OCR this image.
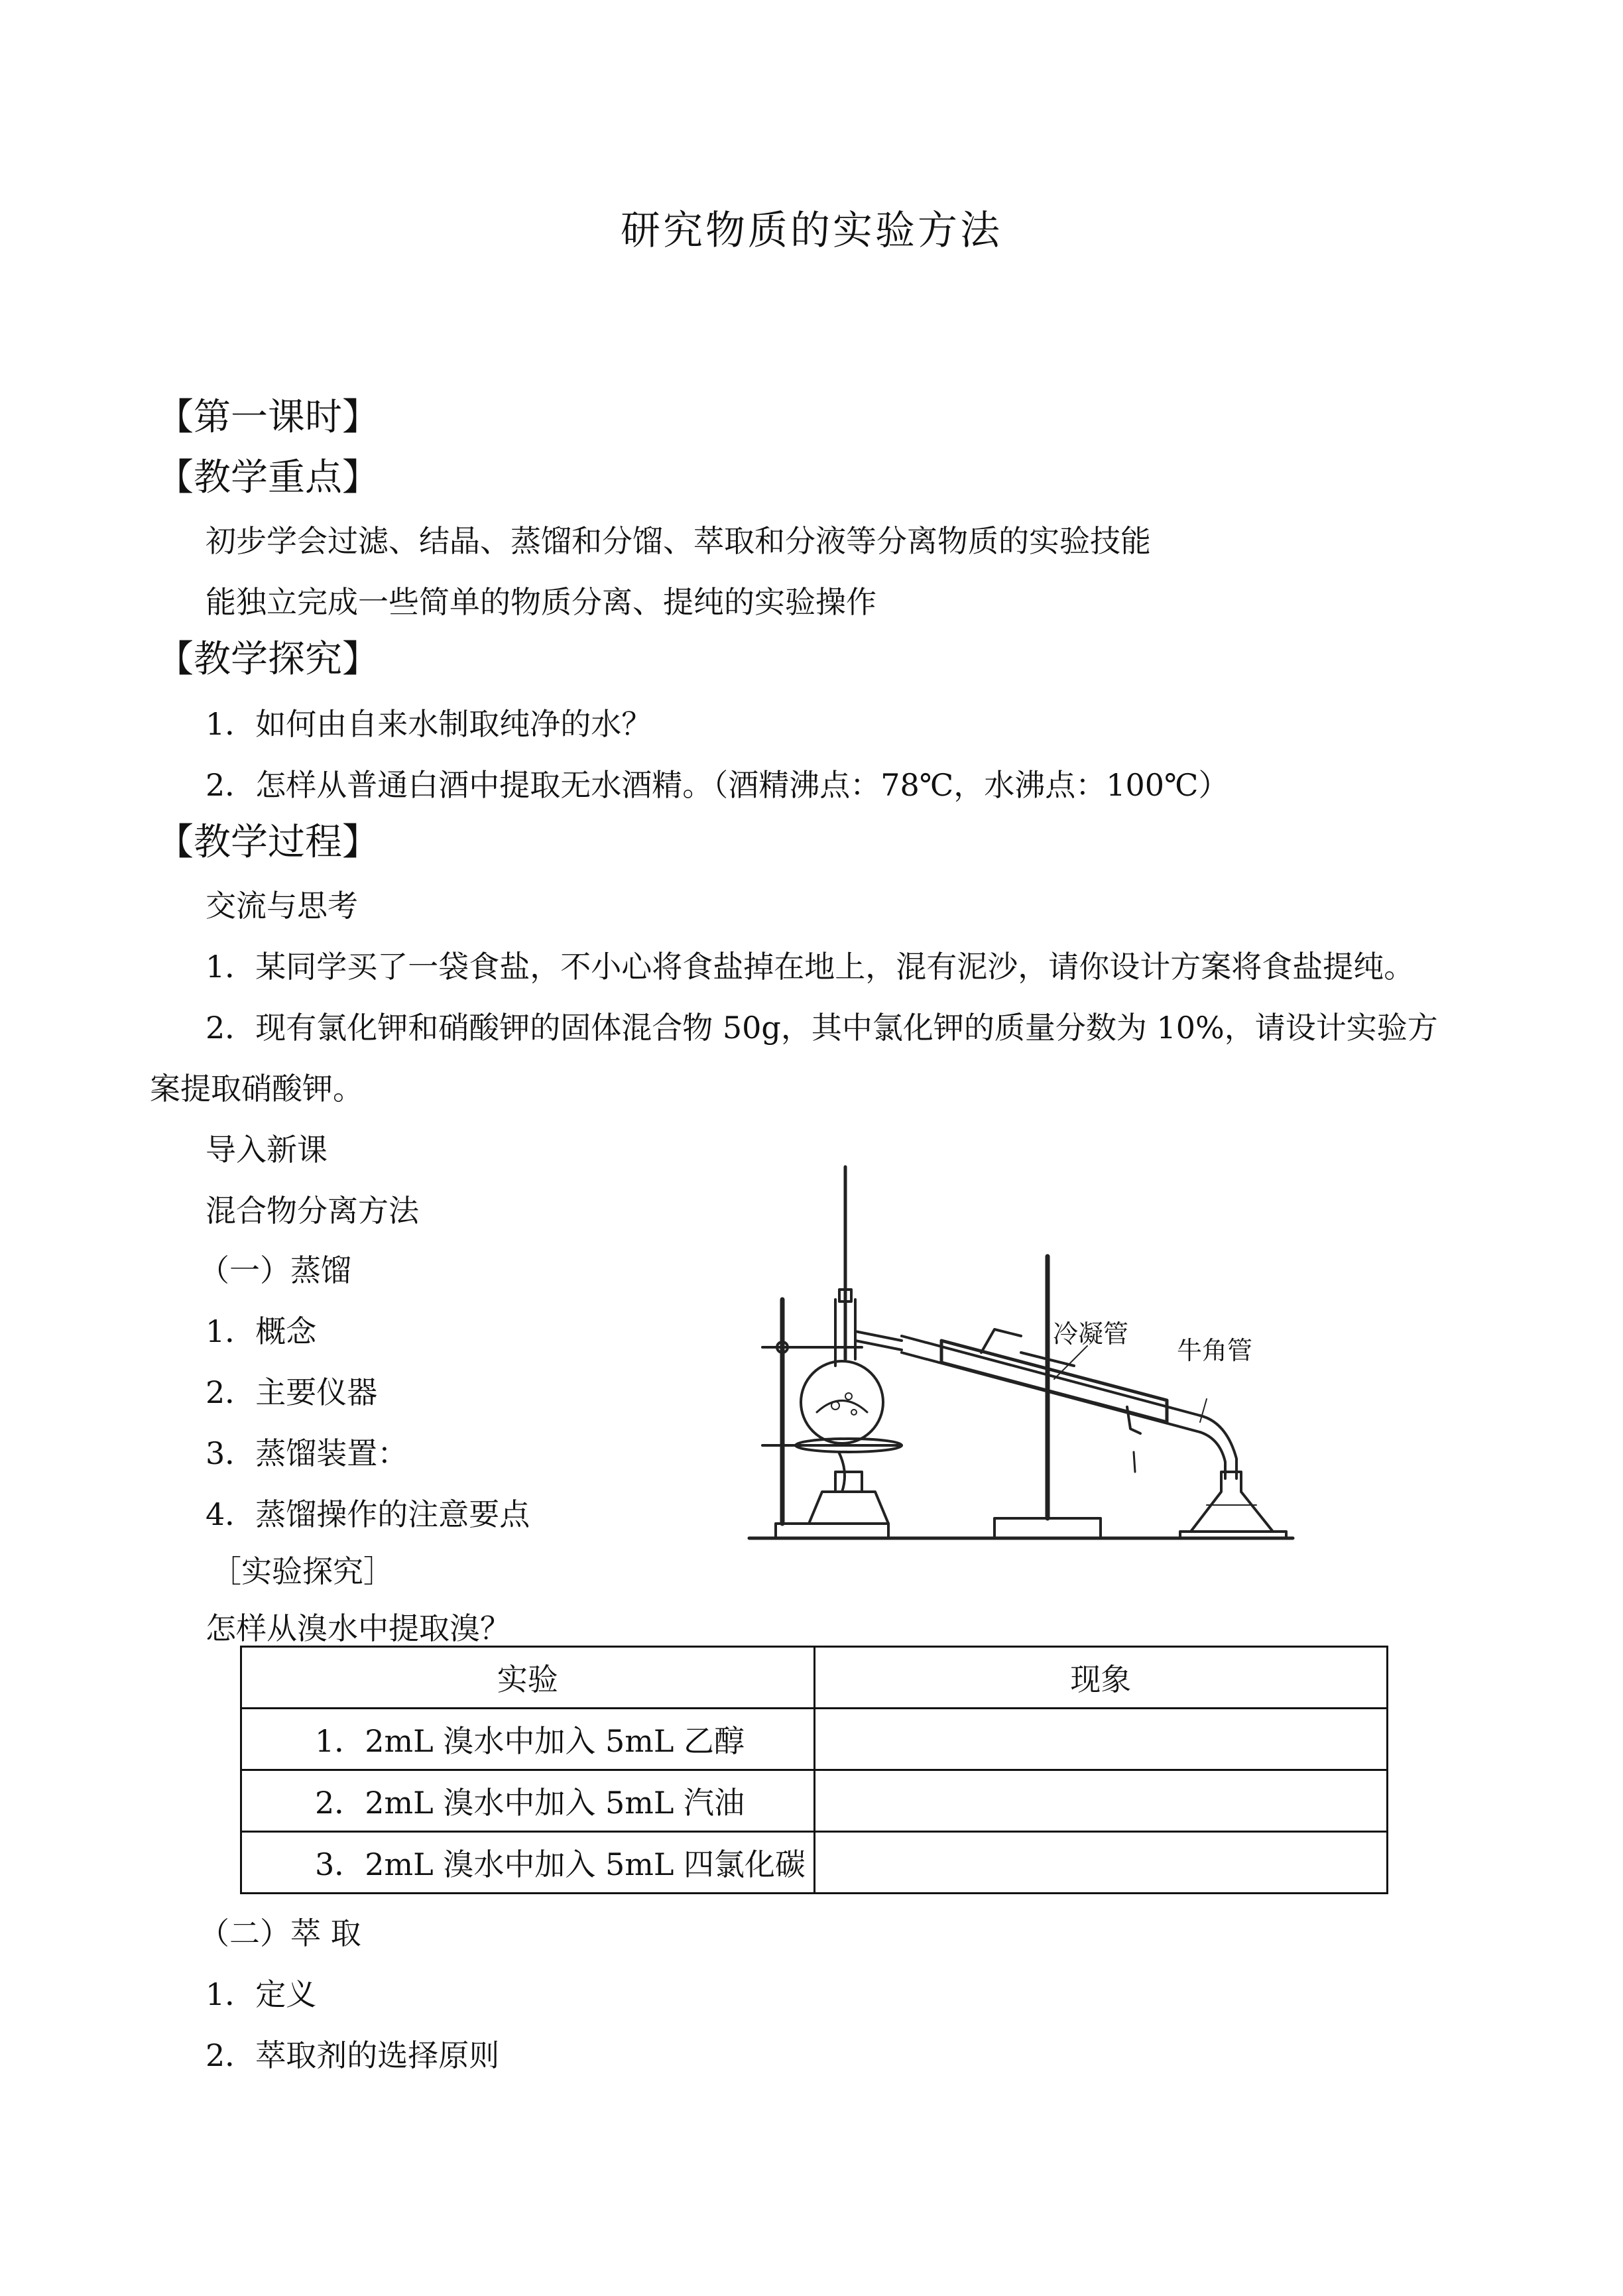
研究物质的实验方法
【第一课时】
【教学重点】
初步学会过滤、结晶、蒸馏和分馏、萃取和分液等分离物质的实验技能
能独立完成一些简单的物质分离、提纯的实验操作
【教学探究】
1．如何由自来水制取纯净的水？
2．怎样从普通白酒中提取无水酒精。（酒精沸点：78℃，水沸点：100℃）
【教学过程】
交流与思考
1．某同学买了一袋食盐，不小心将食盐掉在地上，混有泥沙，请你设计方案将食盐提纯。
2．现有氯化钾和硝酸钾的固体混合物 50g，其中氯化钾的质量分数为 10%，请设计实验方
案提取硝酸钾。
导入新课
混合物分离方法
（一）蒸馏
1．概念
2．主要仪器
3．蒸馏装置：
4．蒸馏操作的注意要点
［实验探究］
怎样从溴水中提取溴？
冷凝管
牛角管
实验	现象
1．2mL 溴水中加入 5mL 乙醇	
2．2mL 溴水中加入 5mL 汽油	
3．2mL 溴水中加入 5mL 四氯化碳	
（二）萃 取
1．定义
2．萃取剂的选择原则
